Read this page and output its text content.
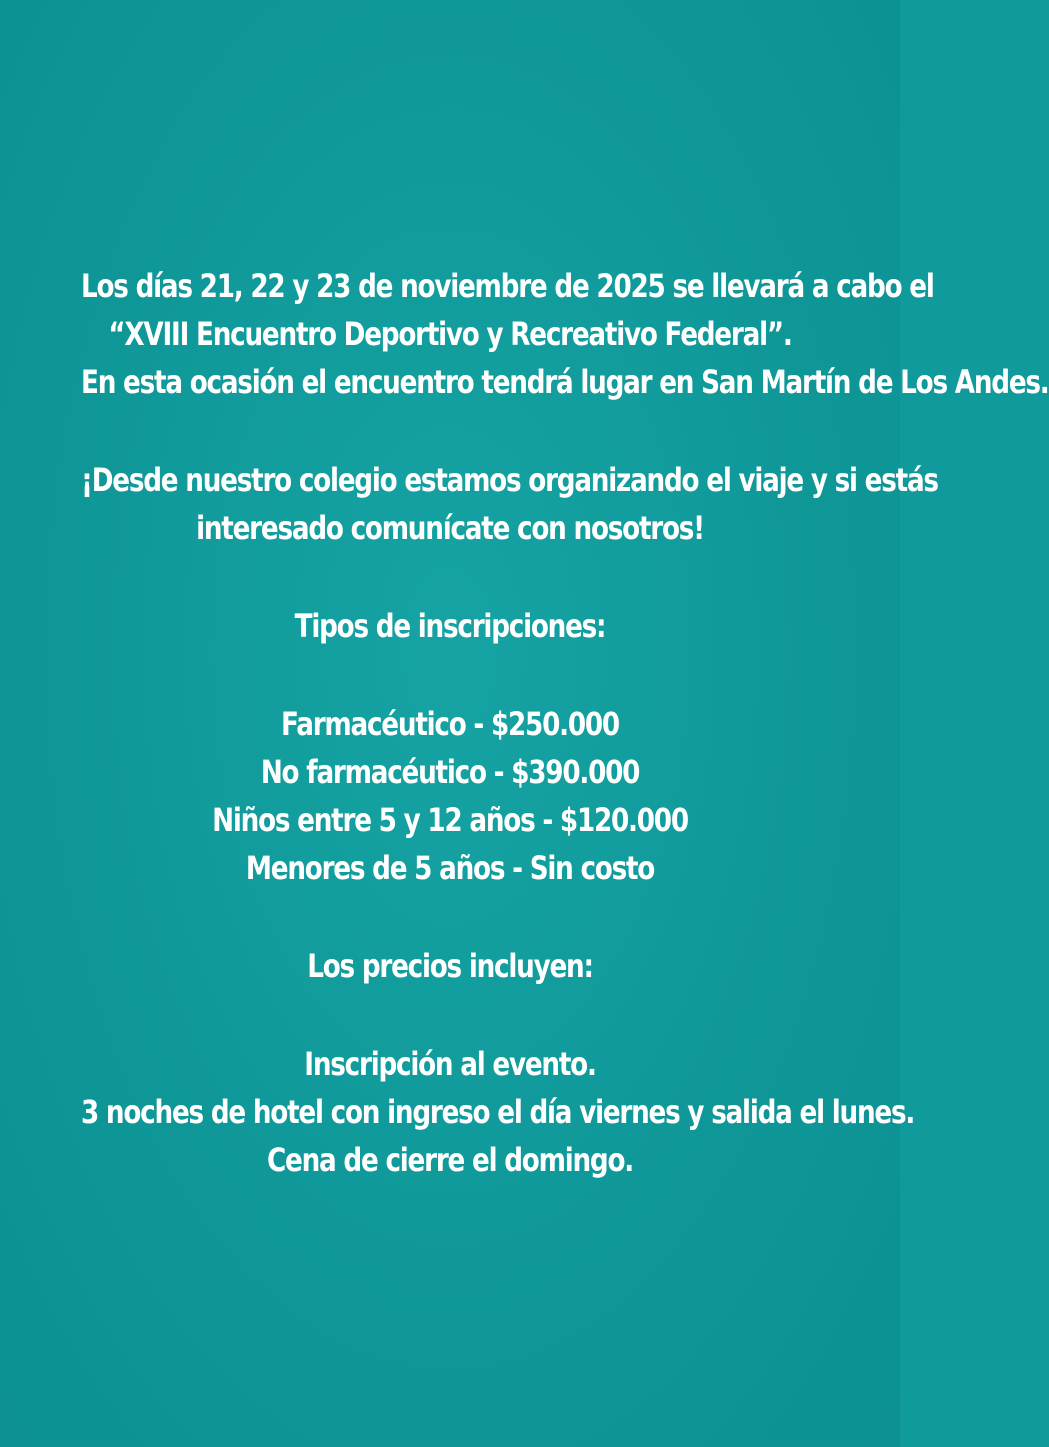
Los días 21, 22 y 23 de noviembre de 2025 se llevará a cabo el
“XVIII Encuentro Deportivo y Recreativo Federal”.
En esta ocasión el encuentro tendrá lugar en San Martín de Los Andes.
¡Desde nuestro colegio estamos organizando el viaje y si estás
interesado comunícate con nosotros!
Tipos de inscripciones:
Farmacéutico - $250.000
No farmacéutico - $390.000
Niños entre 5 y 12 años - $120.000
Menores de 5 años - Sin costo
Los precios incluyen:
Inscripción al evento.
3 noches de hotel con ingreso el día viernes y salida el lunes.
Cena de cierre el domingo.
